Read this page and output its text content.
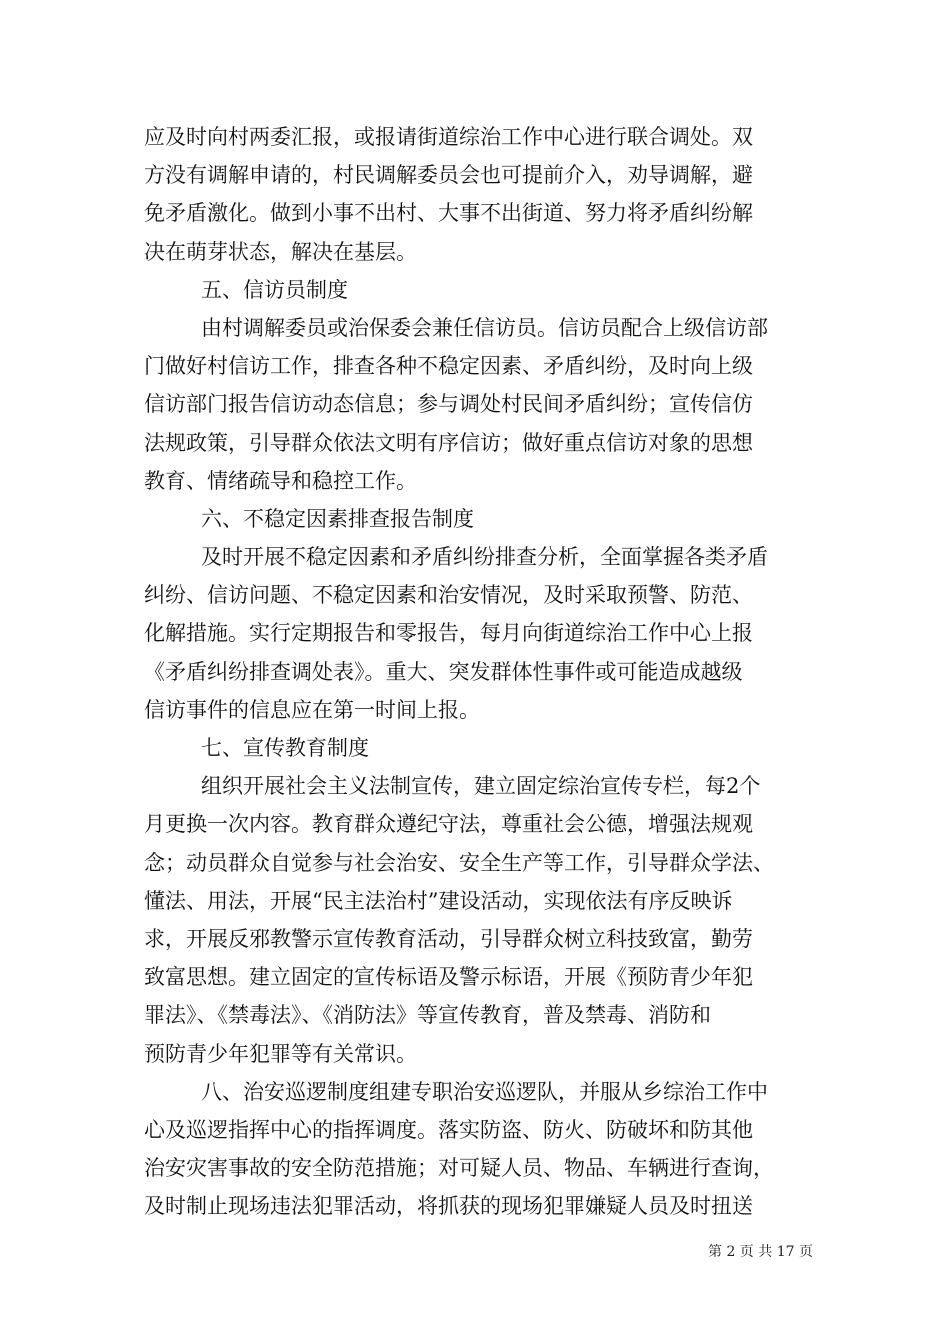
应及时向村两委汇报，或报请街道综治工作中心进行联合调处。双
方没有调解申请的，村民调解委员会也可提前介入，劝导调解，避
免矛盾激化。做到小事不出村、大事不出街道、努力将矛盾纠纷解
决在萌芽状态，解决在基层。
五、信访员制度
由村调解委员或治保委会兼任信访员。信访员配合上级信访部
门做好村信访工作，排查各种不稳定因素、矛盾纠纷，及时向上级
信访部门报告信访动态信息；参与调处村民间矛盾纠纷；宣传信仿
法规政策，引导群众依法文明有序信访；做好重点信访对象的思想
教育、情绪疏导和稳控工作。
六、不稳定因素排查报告制度
及时开展不稳定因素和矛盾纠纷排查分析，全面掌握各类矛盾
纠纷、信访问题、不稳定因素和治安情况，及时采取预警、防范、
化解措施。实行定期报告和零报告，每月向街道综治工作中心上报
《矛盾纠纷排查调处表》。重大、突发群体性事件或可能造成越级
信访事件的信息应在第一时间上报。
七、宣传教育制度
组织开展社会主义法制宣传，建立固定综治宣传专栏，每2个
月更换一次内容。教育群众遵纪守法，尊重社会公德，增强法规观
念；动员群众自觉参与社会治安、安全生产等工作，引导群众学法、
懂法、用法，开展“民主法治村”建设活动，实现依法有序反映诉
求，开展反邪教警示宣传教育活动，引导群众树立科技致富，勤劳
致富思想。建立固定的宣传标语及警示标语，开展《预防青少年犯
罪法》、《禁毒法》、《消防法》等宣传教育，普及禁毒、消防和
预防青少年犯罪等有关常识。
八、治安巡逻制度组建专职治安巡逻队，并服从乡综治工作中
心及巡逻指挥中心的指挥调度。落实防盗、防火、防破坏和防其他
治安灾害事故的安全防范措施；对可疑人员、物品、车辆进行查询，
及时制止现场违法犯罪活动，将抓获的现场犯罪嫌疑人员及时扭送
第 2 页 共 17 页
